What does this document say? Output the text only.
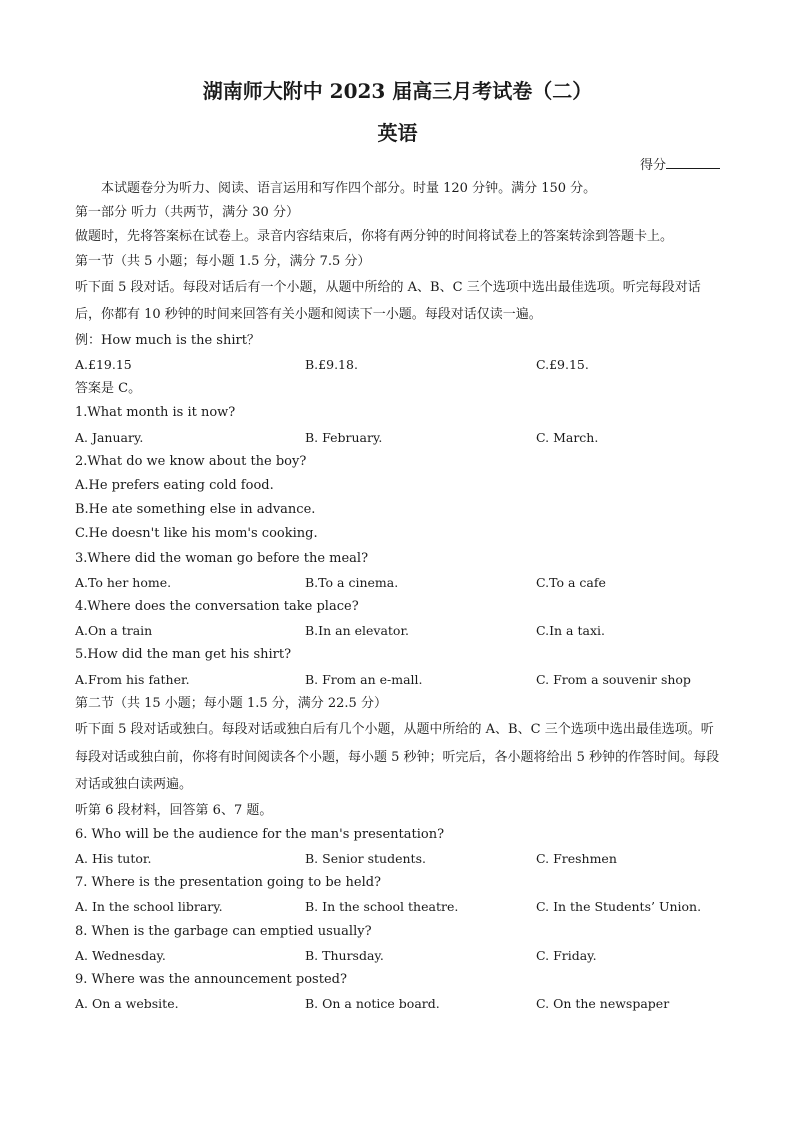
湖南师大附中 2023 届高三月考试卷（二）
英语
得分
本试题卷分为听力、阅读、语言运用和写作四个部分。时量 120 分钟。满分 150 分。
第一部分 听力（共两节，满分 30 分）
做题时，先将答案标在试卷上。录音内容结束后，你将有两分钟的时间将试卷上的答案转涂到答题卡上。
第一节（共 5 小题；每小题 1.5 分，满分 7.5 分）
听下面 5 段对话。每段对话后有一个小题，从题中所给的 A、B、C 三个选项中选出最佳选项。听完每段对话后，你都有 10 秒钟的时间来回答有关小题和阅读下一小题。每段对话仅读一遍。
例：How much is the shirt？
A.£19.15	B.£9.18.	C.£9.15.
答案是 C。
1.What month is it now?
A. January.	B. February.	C. March.
2.What do we know about the boy?
A.He prefers eating cold food.
B.He ate something else in advance.
C.He doesn't like his mom's cooking.
3.Where did the woman go before the meal?
A.To her home.	B.To a cinema.	C.To a cafe
4.Where does the conversation take place?
A.On a train	B.In an elevator.	C.In a taxi.
5.How did the man get his shirt?
A.From his father.	B. From an e-mall.	C. From a souvenir shop
第二节（共 15 小题；每小题 1.5 分，满分 22.5 分）
听下面 5 段对话或独白。每段对话或独白后有几个小题，从题中所给的 A、B、C 三个选项中选出最佳选项。听每段对话或独白前，你将有时间阅读各个小题，每小题 5 秒钟；听完后，各小题将给出 5 秒钟的作答时间。每段对话或独白读两遍。
听第 6 段材料，回答第 6、7 题。
6. Who will be the audience for the man's presentation?
A. His tutor.	B. Senior students.	C. Freshmen
7. Where is the presentation going to be held?
A. In the school library.	B. In the school theatre.	C. In the Students’ Union.
8. When is the garbage can emptied usually?
A. Wednesday.	B. Thursday.	C. Friday.
9. Where was the announcement posted?
A. On a website.	B. On a notice board.	C. On the newspaper
